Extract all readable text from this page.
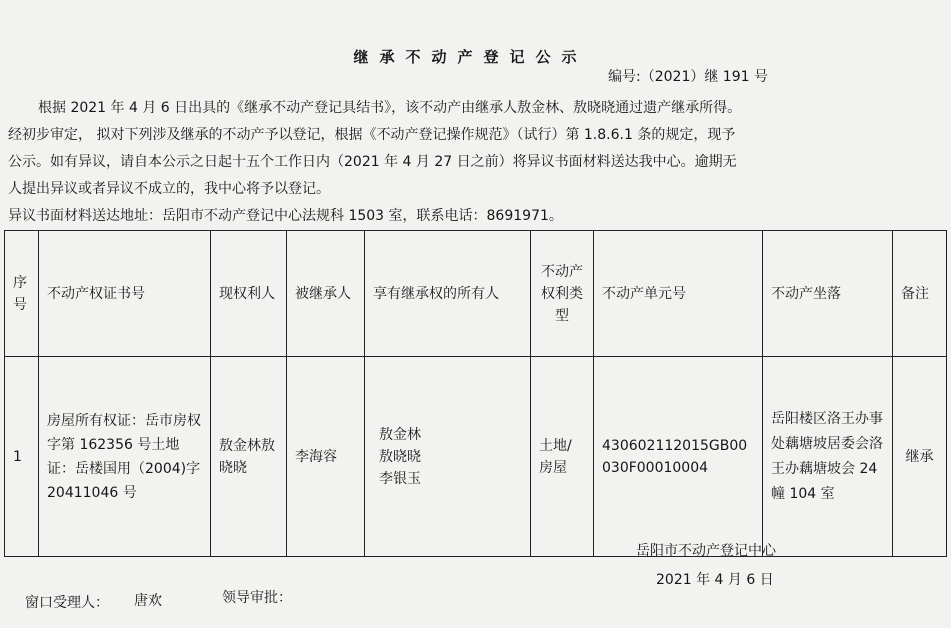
继承不动产登记公示
编号:（2021）继 191 号
根据 2021 年 4 月 6 日出具的《继承不动产登记具结书》，该不动产由继承人敖金林、敖晓晓通过遗产继承所得。
经初步审定， 拟对下列涉及继承的不动产予以登记，根据《不动产登记操作规范》（试行）第 1.8.6.1 条的规定，现予
公示。如有异议，请自本公示之日起十五个工作日内（2021 年 4 月 27 日之前）将异议书面材料送达我中心。逾期无
人提出异议或者异议不成立的，我中心将予以登记。
异议书面材料送达地址：岳阳市不动产登记中心法规科 1503 室，联系电话：8691971。
序号	不动产权证书号	现权利人	被继承人	享有继承权的所有人	不动产权利类型	不动产单元号	不动产坐落	备注
1	房屋所有权证：岳市房权字第 162356 号土地证：岳楼国用（2004)字 20411046 号	敖金林敖晓晓	李海容	敖金林
敖晓晓
李银玉	土地/房屋	430602112015GB00030F00010004	岳阳楼区洛王办事处藕塘坡居委会洛王办藕塘坡会 24 幢 104 室	继承
岳阳市不动产登记中心
2021 年 4 月 6 日
窗口受理人： 唐欢	领导审批：
